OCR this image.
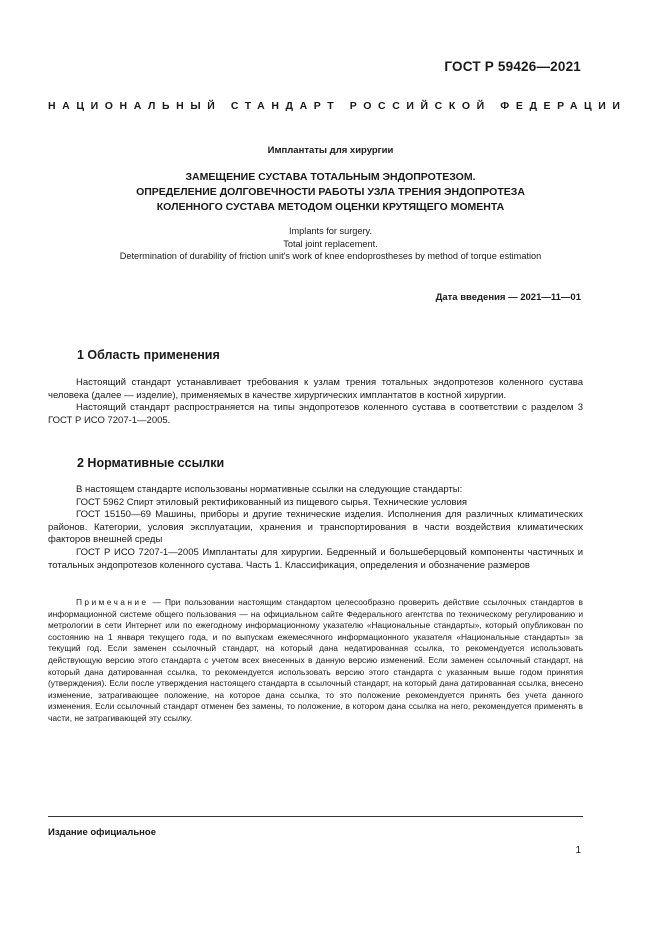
ГОСТ Р 59426—2021
НАЦИОНАЛЬНЫЙ СТАНДАРТ РОССИЙСКОЙ ФЕДЕРАЦИИ
Имплантаты для хирургии
ЗАМЕЩЕНИЕ СУСТАВА ТОТАЛЬНЫМ ЭНДОПРОТЕЗОМ.
ОПРЕДЕЛЕНИЕ ДОЛГОВЕЧНОСТИ РАБОТЫ УЗЛА ТРЕНИЯ ЭНДОПРОТЕЗА
КОЛЕННОГО СУСТАВА МЕТОДОМ ОЦЕНКИ КРУТЯЩЕГО МОМЕНТА
Implants for surgery.
Total joint replacement.
Determination of durability of friction unit's work of knee endoprostheses by method of torque estimation
Дата введения — 2021—11—01
1 Область применения

Настоящий стандарт устанавливает требования к узлам трения тотальных эндопротезов коленного сустава человека (далее — изделие), применяемых в качестве хирургических имплантатов в костной хирургии.

Настоящий стандарт распространяется на типы эндопротезов коленного сустава в соответствии с разделом 3 ГОСТ Р ИСО 7207-1—2005.

2 Нормативные ссылки

В настоящем стандарте использованы нормативные ссылки на следующие стандарты:

ГОСТ 5962 Спирт этиловый ректификованный из пищевого сырья. Технические условия

ГОСТ 15150—69 Машины, приборы и другие технические изделия. Исполнения для различных климатических районов. Категории, условия эксплуатации, хранения и транспортирования в части воздействия климатических факторов внешней среды

ГОСТ Р ИСО 7207-1—2005 Имплантаты для хирургии. Бедренный и большеберцовый компоненты частичных и тотальных эндопротезов коленного сустава. Часть 1. Классификация, определения и обозначение размеров

Примечание — При пользовании настоящим стандартом целесообразно проверить действие ссылочных стандартов в информационной системе общего пользования — на официальном сайте Федерального агентства по техническому регулированию и метрологии в сети Интернет или по ежегодному информационному указателю «Национальные стандарты», который опубликован по состоянию на 1 января текущего года, и по выпускам ежемесячного информационного указателя «Национальные стандарты» за текущий год. Если заменен ссылочный стандарт, на который дана недатированная ссылка, то рекомендуется использовать действующую версию этого стандарта с учетом всех внесенных в данную версию изменений. Если заменен ссылочный стандарт, на который дана датированная ссылка, то рекомендуется использовать версию этого стандарта с указанным выше годом принятия (утверждения). Если после утверждения настоящего стандарта в ссылочный стандарт, на который дана датированная ссылка, внесено изменение, затрагивающее положение, на которое дана ссылка, то это положение рекомендуется принять без учета данного изменения. Если ссылочный стандарт отменен без замены, то положение, в котором дана ссылка на него, рекомендуется применять в части, не затрагивающей эту ссылку.

Издание официальное
1
